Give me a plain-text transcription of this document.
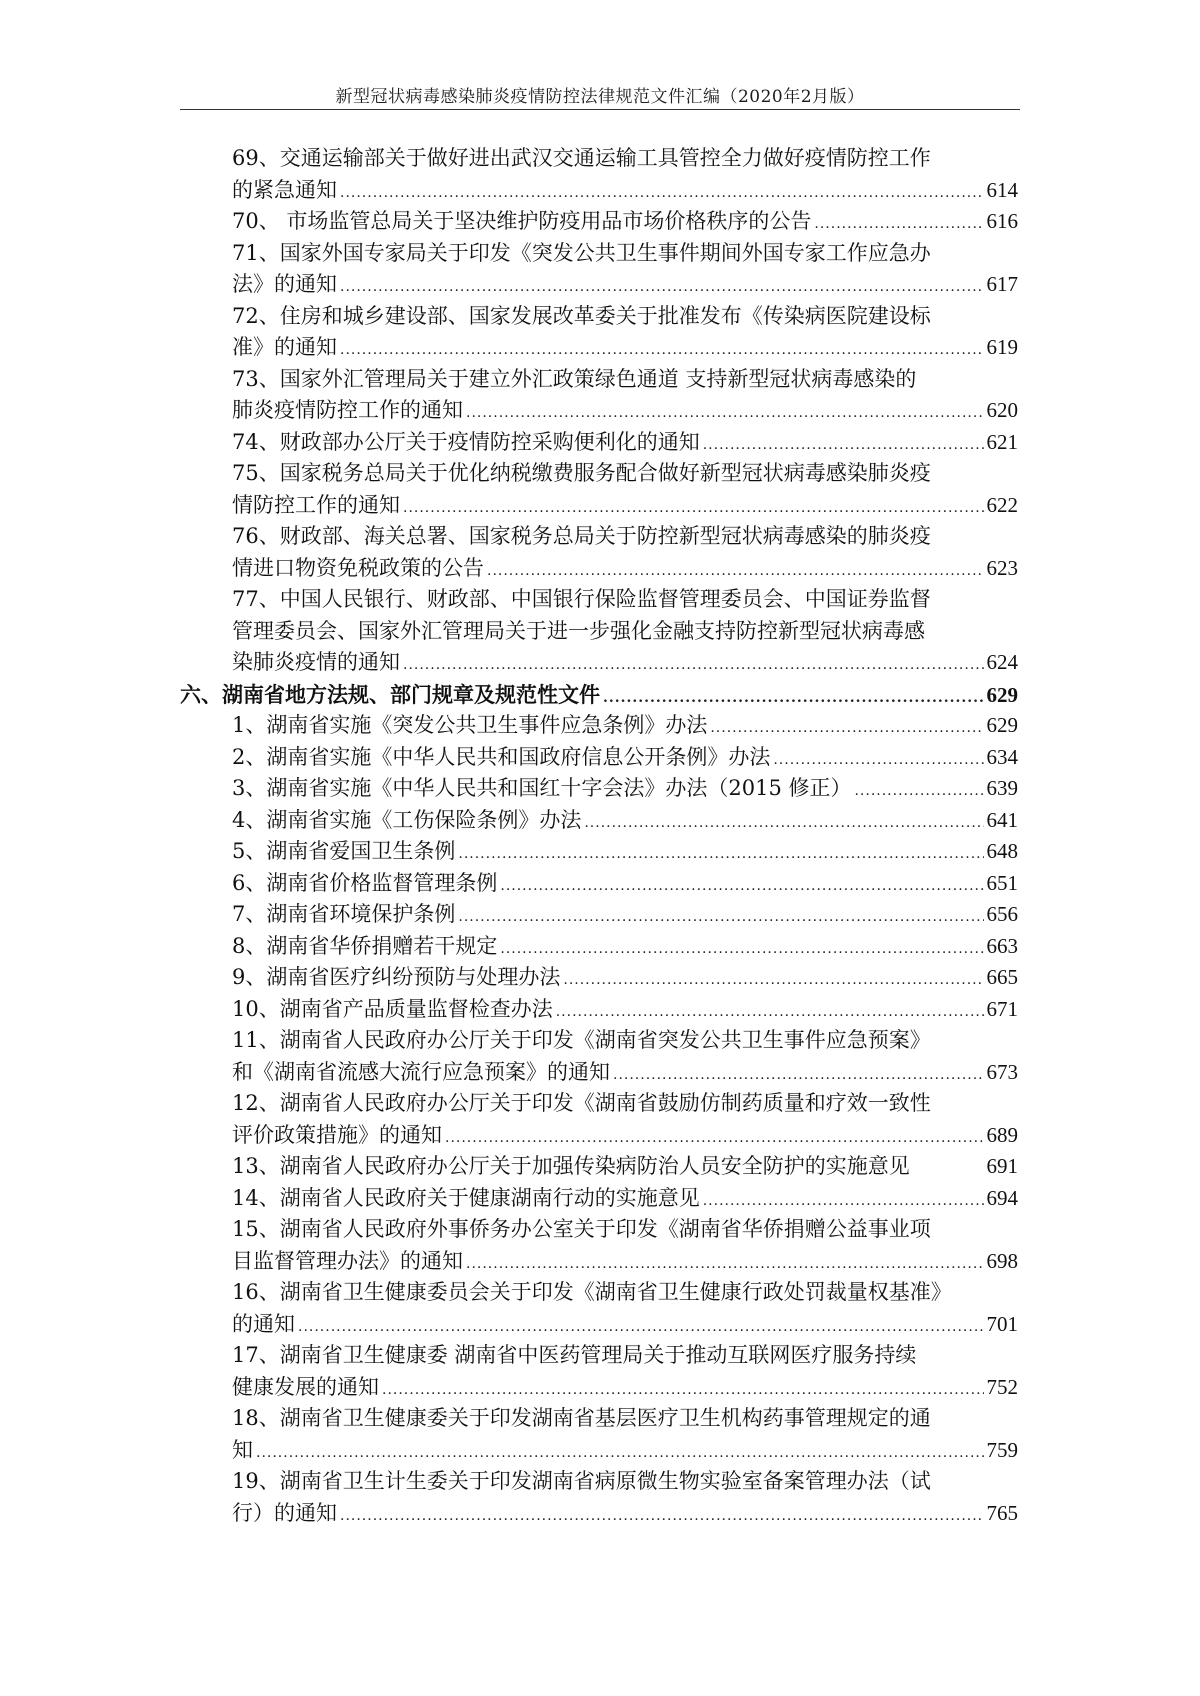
新型冠状病毒感染肺炎疫情防控法律规范文件汇编（2020年2月版）
69、交通运输部关于做好进出武汉交通运输工具管控全力做好疫情防控工作
的紧急通知 .....	614
70、 市场监管总局关于坚决维护防疫用品市场价格秩序的公告 .....	616
71、国家外国专家局关于印发《突发公共卫生事件期间外国专家工作应急办
法》的通知 .....	617
72、住房和城乡建设部、国家发展改革委关于批准发布《传染病医院建设标
准》的通知 .....	619
73、国家外汇管理局关于建立外汇政策绿色通道 支持新型冠状病毒感染的
肺炎疫情防控工作的通知 .....	620
74、财政部办公厅关于疫情防控采购便利化的通知 .....	621
75、国家税务总局关于优化纳税缴费服务配合做好新型冠状病毒感染肺炎疫
情防控工作的通知 .....	622
76、财政部、海关总署、国家税务总局关于防控新型冠状病毒感染的肺炎疫
情进口物资免税政策的公告 .....	623
77、中国人民银行、财政部、中国银行保险监督管理委员会、中国证券监督
管理委员会、国家外汇管理局关于进一步强化金融支持防控新型冠状病毒感
染肺炎疫情的通知 .....	624
六、湖南省地方法规、部门规章及规范性文件 .....	629
1、湖南省实施《突发公共卫生事件应急条例》办法 .....	629
2、湖南省实施《中华人民共和国政府信息公开条例》办法 .....	634
3、湖南省实施《中华人民共和国红十字会法》办法（2015 修正） .....	639
4、湖南省实施《工伤保险条例》办法 .....	641
5、湖南省爱国卫生条例 .....	648
6、湖南省价格监督管理条例 .....	651
7、湖南省环境保护条例 .....	656
8、湖南省华侨捐赠若干规定 .....	663
9、湖南省医疗纠纷预防与处理办法 .....	665
10、湖南省产品质量监督检查办法 .....	671
11、湖南省人民政府办公厅关于印发《湖南省突发公共卫生事件应急预案》
和《湖南省流感大流行应急预案》的通知 .....	673
12、湖南省人民政府办公厅关于印发《湖南省鼓励仿制药质量和疗效一致性
评价政策措施》的通知 .....	689
13、湖南省人民政府办公厅关于加强传染病防治人员安全防护的实施意见	691
14、湖南省人民政府关于健康湖南行动的实施意见 .....	694
15、湖南省人民政府外事侨务办公室关于印发《湖南省华侨捐赠公益事业项
目监督管理办法》的通知 .....	698
16、湖南省卫生健康委员会关于印发《湖南省卫生健康行政处罚裁量权基准》
的通知 .....	701
17、湖南省卫生健康委 湖南省中医药管理局关于推动互联网医疗服务持续
健康发展的通知 .....	752
18、湖南省卫生健康委关于印发湖南省基层医疗卫生机构药事管理规定的通
知 .....	759
19、湖南省卫生计生委关于印发湖南省病原微生物实验室备案管理办法（试
行）的通知 .....	765
